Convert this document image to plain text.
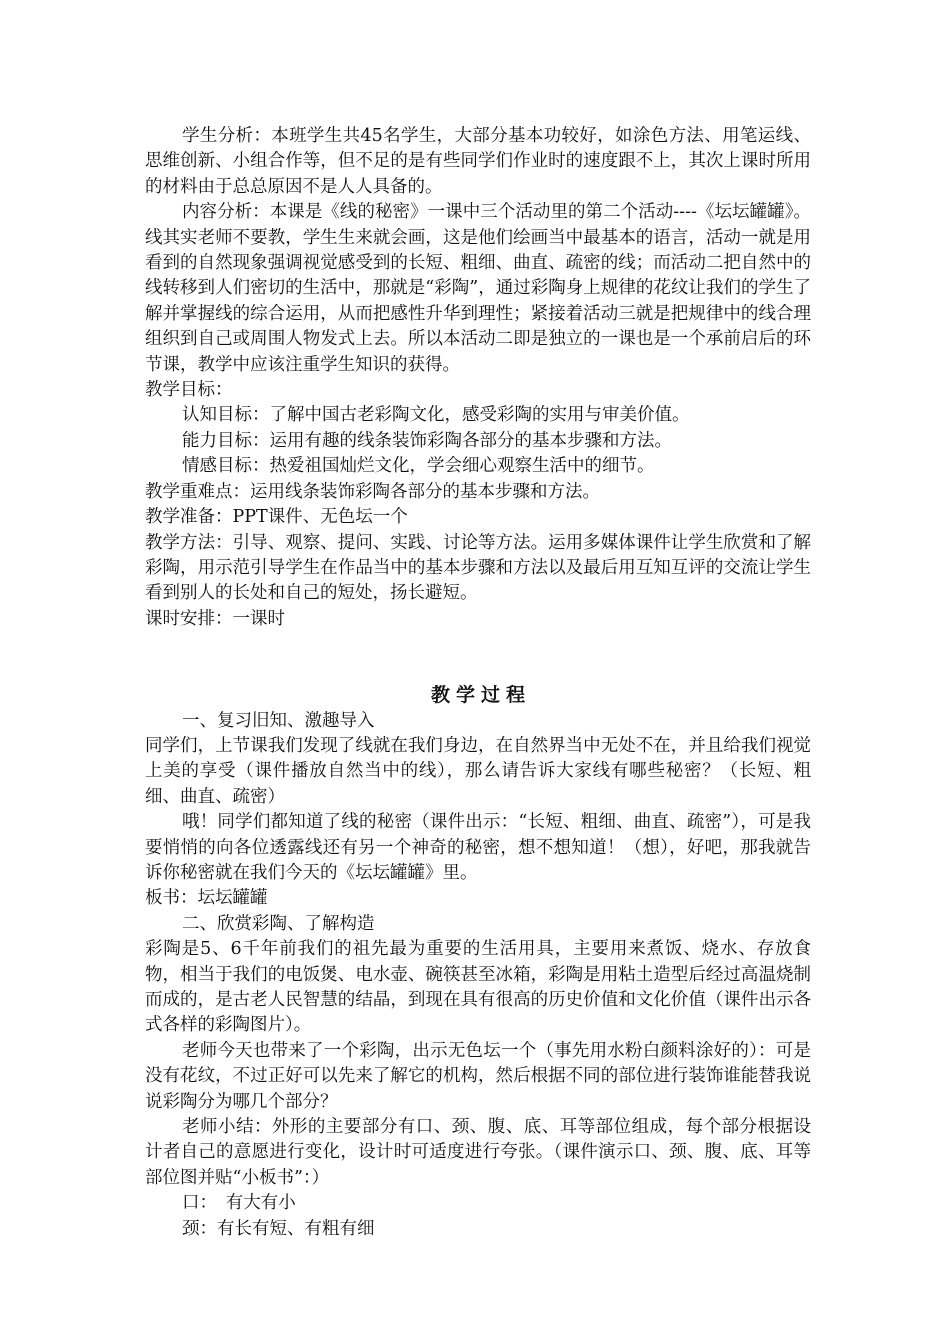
学生分析：本班学生共45名学生，大部分基本功较好，如涂色方法、用笔运线、思维创新、小组合作等，但不足的是有些同学们作业时的速度跟不上，其次上课时所用的材料由于总总原因不是人人具备的。

内容分析：本课是《线的秘密》一课中三个活动里的第二个活动----《坛坛罐罐》。线其实老师不要教，学生生来就会画，这是他们绘画当中最基本的语言，活动一就是用看到的自然现象强调视觉感受到的长短、粗细、曲直、疏密的线；而活动二把自然中的线转移到人们密切的生活中，那就是“彩陶”，通过彩陶身上规律的花纹让我们的学生了解并掌握线的综合运用，从而把感性升华到理性；紧接着活动三就是把规律中的线合理组织到自己或周围人物发式上去。所以本活动二即是独立的一课也是一个承前启后的环节课，教学中应该注重学生知识的获得。

教学目标：

认知目标：了解中国古老彩陶文化，感受彩陶的实用与审美价值。

能力目标：运用有趣的线条装饰彩陶各部分的基本步骤和方法。

情感目标：热爱祖国灿烂文化，学会细心观察生活中的细节。

教学重难点：运用线条装饰彩陶各部分的基本步骤和方法。

教学准备：PPT课件、无色坛一个

教学方法：引导、观察、提问、实践、讨论等方法。运用多媒体课件让学生欣赏和了解彩陶，用示范引导学生在作品当中的基本步骤和方法以及最后用互知互评的交流让学生看到别人的长处和自己的短处，扬长避短。

课时安排：一课时

教学过程

一、复习旧知、激趣导入

同学们，上节课我们发现了线就在我们身边，在自然界当中无处不在，并且给我们视觉上美的享受（课件播放自然当中的线），那么请告诉大家线有哪些秘密？（长短、粗细、曲直、疏密）

哦！同学们都知道了线的秘密（课件出示：“长短、粗细、曲直、疏密”），可是我要悄悄的向各位透露线还有另一个神奇的秘密，想不想知道！（想），好吧，那我就告诉你秘密就在我们今天的《坛坛罐罐》里。

板书：坛坛罐罐

二、欣赏彩陶、了解构造

彩陶是5、6千年前我们的祖先最为重要的生活用具，主要用来煮饭、烧水、存放食物，相当于我们的电饭煲、电水壶、碗筷甚至冰箱，彩陶是用粘土造型后经过高温烧制而成的，是古老人民智慧的结晶，到现在具有很高的历史价值和文化价值（课件出示各式各样的彩陶图片）。

老师今天也带来了一个彩陶，出示无色坛一个（事先用水粉白颜料涂好的）：可是没有花纹，不过正好可以先来了解它的机构，然后根据不同的部位进行装饰谁能替我说说彩陶分为哪几个部分？

老师小结：外形的主要部分有口、颈、腹、底、耳等部位组成，每个部分根据设计者自己的意愿进行变化，设计时可适度进行夸张。（课件演示口、颈、腹、底、耳等部位图并贴“小板书”：）

口：　有大有小

颈：有长有短、有粗有细
